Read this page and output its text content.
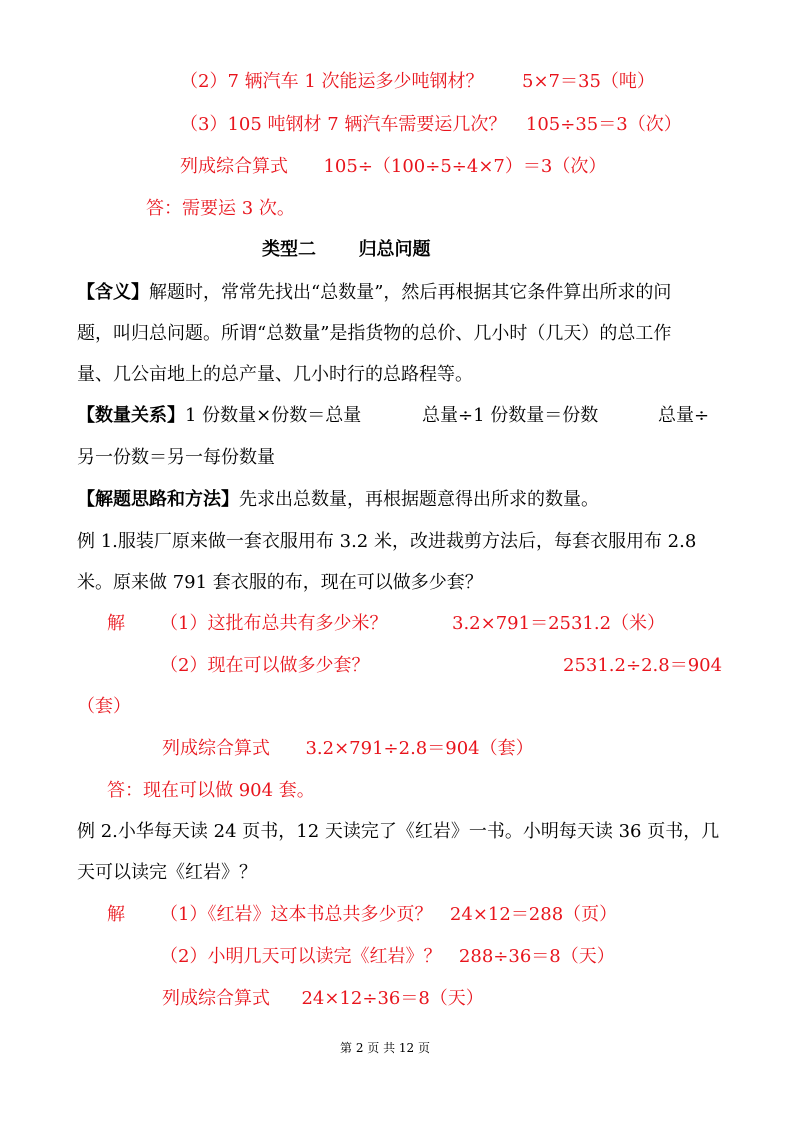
（2）7 辆汽车 1 次能运多少吨钢材？ 5×7＝35（吨）
（3）105 吨钢材 7 辆汽车需要运几次？ 105÷35＝3（次）
列成综合算式 105÷（100÷5÷4×7）＝3（次）
答：需要运 3 次。
类型二 归总问题
【含义】解题时，常常先找出“总数量”，然后再根据其它条件算出所求的问
题，叫归总问题。所谓“总数量”是指货物的总价、几小时（几天）的总工作
量、几公亩地上的总产量、几小时行的总路程等。
【数量关系】1 份数量×份数＝总量	总量÷1 份数量＝份数	总量÷
另一份数＝另一每份数量
【解题思路和方法】先求出总数量，再根据题意得出所求的数量。
例 1.服装厂原来做一套衣服用布 3.2 米，改进裁剪方法后，每套衣服用布 2.8
米。原来做 791 套衣服的布，现在可以做多少套？
解 （1）这批布总共有多少米？	3.2×791＝2531.2（米）
（2）现在可以做多少套？	2531.2÷2.8＝904
（套）
列成综合算式 3.2×791÷2.8＝904（套）
答：现在可以做 904 套。
例 2.小华每天读 24 页书，12 天读完了《红岩》一书。小明每天读 36 页书，几
天可以读完《红岩》？
解 （1）《红岩》这本书总共多少页？ 24×12＝288（页）
（2）小明几天可以读完《红岩》？ 288÷36＝8（天）
列成综合算式 24×12÷36＝8（天）
第 2 页 共 12 页
